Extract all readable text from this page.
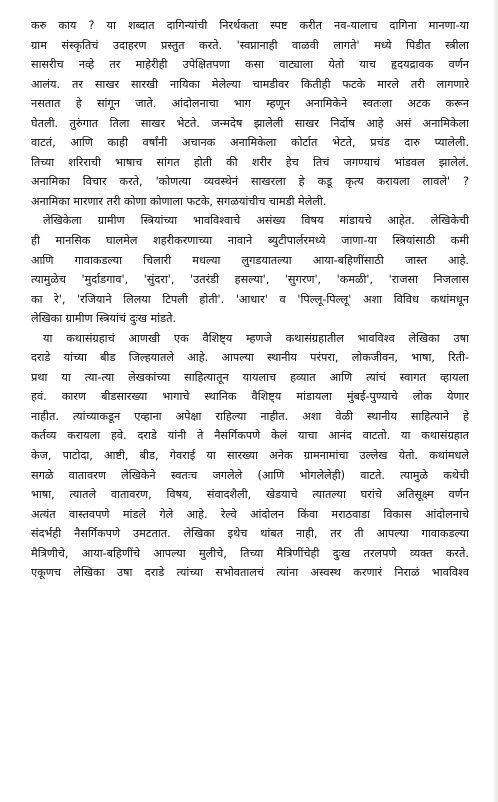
करु काय ? या शब्दात दागिन्यांची निरर्थकता स्पष्ट करीत नव-यालाच दागिना मानणा-या
ग्राम संस्कृतिचं उदाहरण प्रस्तुत करते. 'स्वप्नानाही वाळवी लागते' मध्ये पिडीत स्त्रीला
सासरीच नव्हे तर माहेरीही उपेक्षितपणा कसा वाट्याला येतो याच हृदयद्रावक वर्णन
आलंय. तर साखर सारखी नायिका मेलेल्या चामडीवर कितीही फटके मारले तरी लागणारे
नसतात हे सांगून जाते. आंदोलनाचा भाग म्हणून अनामिकेने स्वतःला अटक करून
घेतली. तुरुंगात तिला साखर भेटते. जन्मदेष झालेली साखर निर्दोष आहे असं अनामिकेला
वाटतं, आणि काही वर्षांनी अचानक अनामिकेला कोर्टात भेटते, प्रचंड दारु प्यालेली.
तिच्या शरिराची भाषाच सांगत होती की शरीर हेच तिचं जगण्याचं भांडवल झालेलं.
अनामिका विचार करते, 'कोणत्या व्यवस्थेनं साखरला हे कडू कृत्य करायला लावले' ?
अनामिका मारणार तरी कोणा कोणाला फटके, सगळयांचीच चामडी मेलेली.
लेखिकेला ग्रामीण स्त्रियांच्या भावविश्वाचे असंख्य विषय मांडायचे आहेत. लेखिकेची
ही मानसिक घालमेल शहरीकरणाच्या नावाने ब्युटीपार्लरमध्ये जाणा-या स्त्रियांसाठी कमी
आणि गावाकडल्या चिलारी मधल्या लुगडयातल्या आया-बहिणींसाठी जास्त आहे.
त्यामुळेच 'मुर्दाडगाव', 'सुंदरा', 'उतरंडी हसल्या', 'सुगरण', 'कमळी', 'राजसा निजलास
का रे', 'रजियाने लिलया टिपली होती'. 'आधार' व 'पिल्लू-पिल्लू' अशा विविध कथांमधून
लेखिका ग्रामीण स्त्रियांचं दुःख मांडते.
या कथासंग्रहाचं आणखी एक वैशिष्ट्य म्हणजे कथासंग्रहातील भावविश्व लेखिका उषा
दराडे यांच्या बीड जिल्हयातले आहे. आपल्या स्थानीय परंपरा, लोकजीवन, भाषा, रिती-
प्रथा या त्या-त्या लेखकांच्या साहित्यातून यायलाच हव्यात आणि त्यांचं स्वागत व्हायला
हवं. कारण बीडसारख्या भागाचे स्थानिक वैशिष्ट्य मांडायला मुंबई-पुण्याचे लोक येणार
नाहीत. त्यांच्याकडून एव्हाना अपेक्षा राहिल्या नाहीत. अशा वेळी स्थानीय साहित्याने हे
कर्तव्य करायला हवे. दराडे यांनी ते नैसर्गिकपणे केलं याचा आनंद वाटतो. या कथासंग्रहात
केज, पाटोदा, आष्टी, बीड, गेवराई या सारख्या अनेक ग्रामनामांचा उल्लेख येतो. कथांमधले
सगळे वातावरण लेखिकेने स्वतःच जगलेले (आणि भोगलेलेही) वाटते. त्यामुळे कथेची
भाषा, त्यातले वातावरण, विषय, संवादशैली, खेडयाचे त्यातल्या घरांचे अतिसूक्ष्म वर्णन
अत्यंत वास्तवपणे मांडले गेले आहे. रेल्वे आंदोलन किंवा मराठवाडा विकास आंदोलनाचे
संदर्भही नैसर्गिकपणे उमटतात. लेखिका इथेच थांबत नाही, तर ती आपल्या गावाकडल्या
मैत्रिणीचे, आया-बहिणींचे आपल्या मुलीचे, तिच्या मैत्रिणींचेही दुःख तरलपणे व्यक्त करते.
एकूणच लेखिका उषा दराडे त्यांच्या सभोवतालचं त्यांना अस्वस्थ करणारं निराळं भावविश्व
